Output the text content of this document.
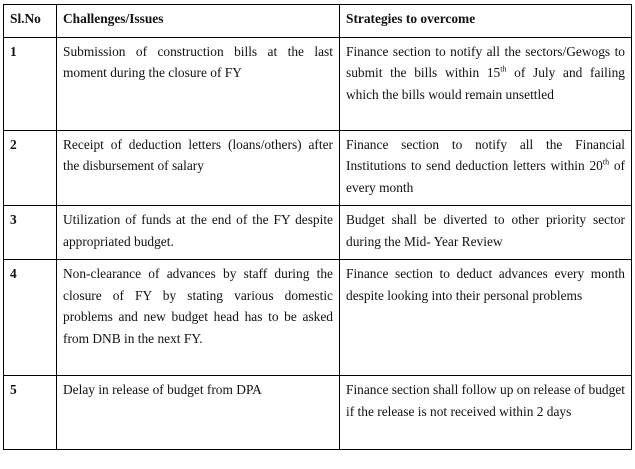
Sl.No	Challenges/Issues	Strategies to overcome
1	Submission of construction bills at the last moment during the closure of FY	Finance section to notify all the sectors/Gewogs to submit the bills within 15th of July and failing which the bills would remain unsettled
2	Receipt of deduction letters (loans/others) after the disbursement of salary	Finance section to notify all the Financial Institutions to send deduction letters within 20th of every month
3	Utilization of funds at the end of the FY despite appropriated budget.	Budget shall be diverted to other priority sector during the Mid- Year Review
4	Non-clearance of advances by staff during the closure of FY by stating various domestic problems and new budget head has to be asked from DNB in the next FY.	Finance section to deduct advances every month despite looking into their personal problems
5	Delay in release of budget from DPA	Finance section shall follow up on release of budget if the release is not received within 2 days
